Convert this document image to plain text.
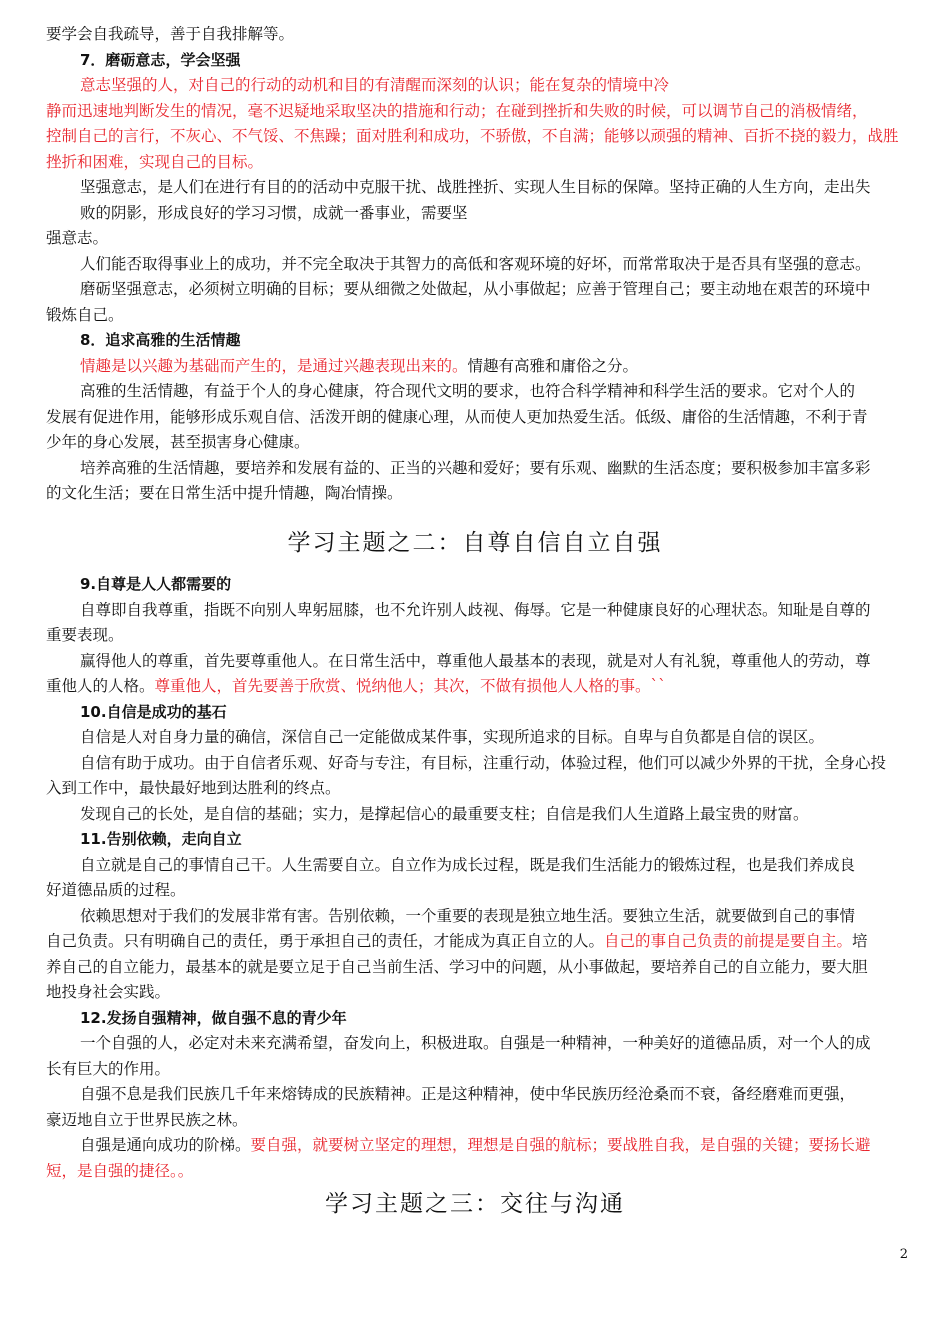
要学会自我疏导，善于自我排解等。
7．磨砺意志，学会坚强
意志坚强的人，对自己的行动的动机和目的有清醒而深刻的认识；能在复杂的情境中冷
静而迅速地判断发生的情况，毫不迟疑地采取坚决的措施和行动；在碰到挫折和失败的时候，可以调节自己的消极情绪，
控制自己的言行，不灰心、不气馁、不焦躁；面对胜利和成功，不骄傲，不自满；能够以顽强的精神、百折不挠的毅力，战胜
挫折和困难，实现自己的目标。
坚强意志，是人们在进行有目的的活动中克服干扰、战胜挫折、实现人生目标的保障。坚持正确的人生方向，走出失
败的阴影，形成良好的学习习惯，成就一番事业，需要坚
强意志。
人们能否取得事业上的成功，并不完全取决于其智力的高低和客观环境的好坏，而常常取决于是否具有坚强的意志。
磨砺坚强意志，必须树立明确的目标；要从细微之处做起，从小事做起；应善于管理自己；要主动地在艰苦的环境中
锻炼自己。
8．追求高雅的生活情趣
情趣是以兴趣为基础而产生的，是通过兴趣表现出来的。情趣有高雅和庸俗之分。
高雅的生活情趣，有益于个人的身心健康，符合现代文明的要求，也符合科学精神和科学生活的要求。它对个人的
发展有促进作用，能够形成乐观自信、活泼开朗的健康心理，从而使人更加热爱生活。低级、庸俗的生活情趣，不利于青
少年的身心发展，甚至损害身心健康。
培养高雅的生活情趣，要培养和发展有益的、正当的兴趣和爱好；要有乐观、幽默的生活态度；要积极参加丰富多彩
的文化生活；要在日常生活中提升情趣，陶冶情操。
9.自尊是人人都需要的
自尊即自我尊重，指既不向别人卑躬屈膝，也不允许别人歧视、侮辱。它是一种健康良好的心理状态。知耻是自尊的
重要表现。
赢得他人的尊重，首先要尊重他人。在日常生活中，尊重他人最基本的表现，就是对人有礼貌，尊重他人的劳动，尊
重他人的人格。尊重他人，首先要善于欣赏、悦纳他人；其次，不做有损他人人格的事。``
10.自信是成功的基石
自信是人对自身力量的确信，深信自己一定能做成某件事，实现所追求的目标。自卑与自负都是自信的误区。
自信有助于成功。由于自信者乐观、好奇与专注，有目标，注重行动，体验过程，他们可以减少外界的干扰，全身心投
入到工作中，最快最好地到达胜利的终点。
发现自己的长处，是自信的基础；实力，是撑起信心的最重要支柱；自信是我们人生道路上最宝贵的财富。
11.告别依赖，走向自立
自立就是自己的事情自己干。人生需要自立。自立作为成长过程，既是我们生活能力的锻炼过程，也是我们养成良
好道德品质的过程。
依赖思想对于我们的发展非常有害。告别依赖，一个重要的表现是独立地生活。要独立生活，就要做到自己的事情
自己负责。只有明确自己的责任，勇于承担自己的责任，才能成为真正自立的人。自己的事自己负责的前提是要自主。培
养自己的自立能力，最基本的就是要立足于自己当前生活、学习中的问题，从小事做起，要培养自己的自立能力，要大胆
地投身社会实践。
12.发扬自强精神，做自强不息的青少年
一个自强的人，必定对未来充满希望，奋发向上，积极进取。自强是一种精神，一种美好的道德品质，对一个人的成
长有巨大的作用。
自强不息是我们民族几千年来熔铸成的民族精神。正是这种精神，使中华民族历经沧桑而不衰，备经磨难而更强，
豪迈地自立于世界民族之林。
自强是通向成功的阶梯。要自强，就要树立坚定的理想，理想是自强的航标；要战胜自我，是自强的关键；要扬长避
短，是自强的捷径。。
学习主题之二：自尊自信自立自强
学习主题之三：交往与沟通
2
